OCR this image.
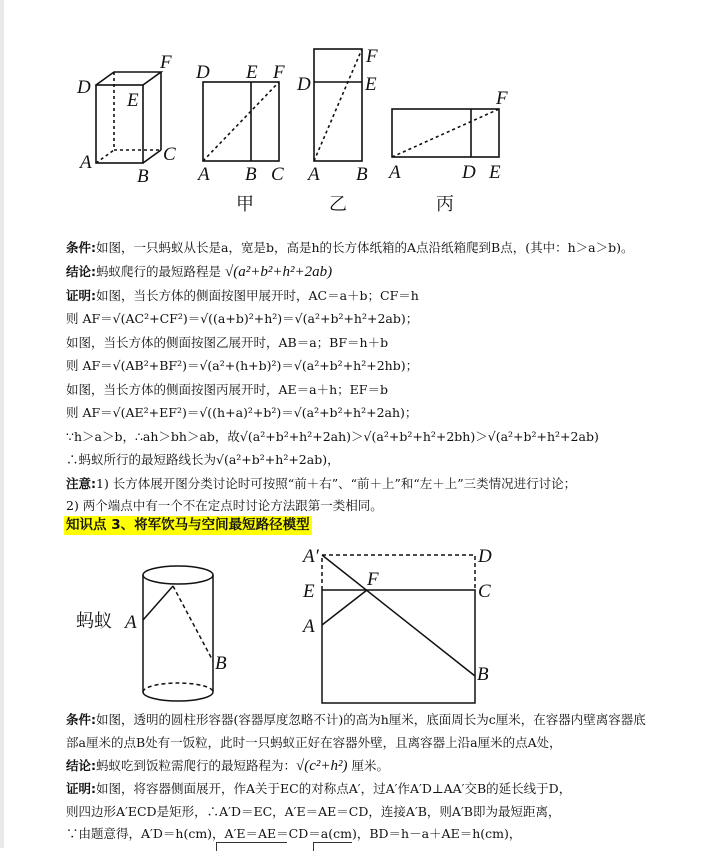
D
E
F
A
B
C
D E F
A B C
甲
F
D	E
A B
乙
F
A	D E
丙
条件:如图，一只蚂蚁从长是a，宽是b，高是h的长方体纸箱的A点沿纸箱爬到B点，(其中：h＞a＞b)。
结论:蚂蚁爬行的最短路程是 √(a²+b²+h²+2ab)
证明:如图，当长方体的侧面按图甲展开时，AC＝a＋b；CF＝h
则 AF＝√(AC²+CF²)＝√((a+b)²+h²)＝√(a²+b²+h²+2ab)；
如图，当长方体的侧面按图乙展开时，AB＝a；BF＝h＋b
则 AF＝√(AB²+BF²)＝√(a²+(h+b)²)＝√(a²+b²+h²+2hb)；
如图，当长方体的侧面按图丙展开时，AE＝a＋h；EF＝b
则 AF＝√(AE²+EF²)＝√((h+a)²+b²)＝√(a²+b²+h²+2ah)；
∵h＞a＞b，∴ah＞bh＞ab，故√(a²+b²+h²+2ah)＞√(a²+b²+h²+2bh)＞√(a²+b²+h²+2ab)
∴蚂蚁所行的最短路线长为√(a²+b²+h²+2ab)，
注意:1) 长方体展开图分类讨论时可按照“前＋右”、“前＋上”和“左＋上”三类情况进行讨论；
2) 两个端点中有一个不在定点时讨论方法跟第一类相同。
知识点 3、将军饮马与空间最短路径模型
蚂蚁 A
B
A′	D
E
F
C
A
B
条件:如图，透明的圆柱形容器(容器厚度忽略不计)的高为h厘米，底面周长为c厘米，在容器内壁离容器底
部a厘米的点B处有一饭粒，此时一只蚂蚁正好在容器外壁，且离容器上沿a厘米的点A处，
结论:蚂蚁吃到饭粒需爬行的最短路程为：√(c²+h²) 厘米。
证明:如图，将容器侧面展开，作A关于EC的对称点A′，过A′作A′D⊥AA′交B的延长线于D，
则四边形A′ECD是矩形，∴A′D＝EC，A′E＝AE＝CD，连接A′B，则A′B即为最短距离，
∵由题意得，A′D＝h(cm)，A′E＝AE＝CD＝a(cm)，BD＝h－a＋AE＝h(cm)，
